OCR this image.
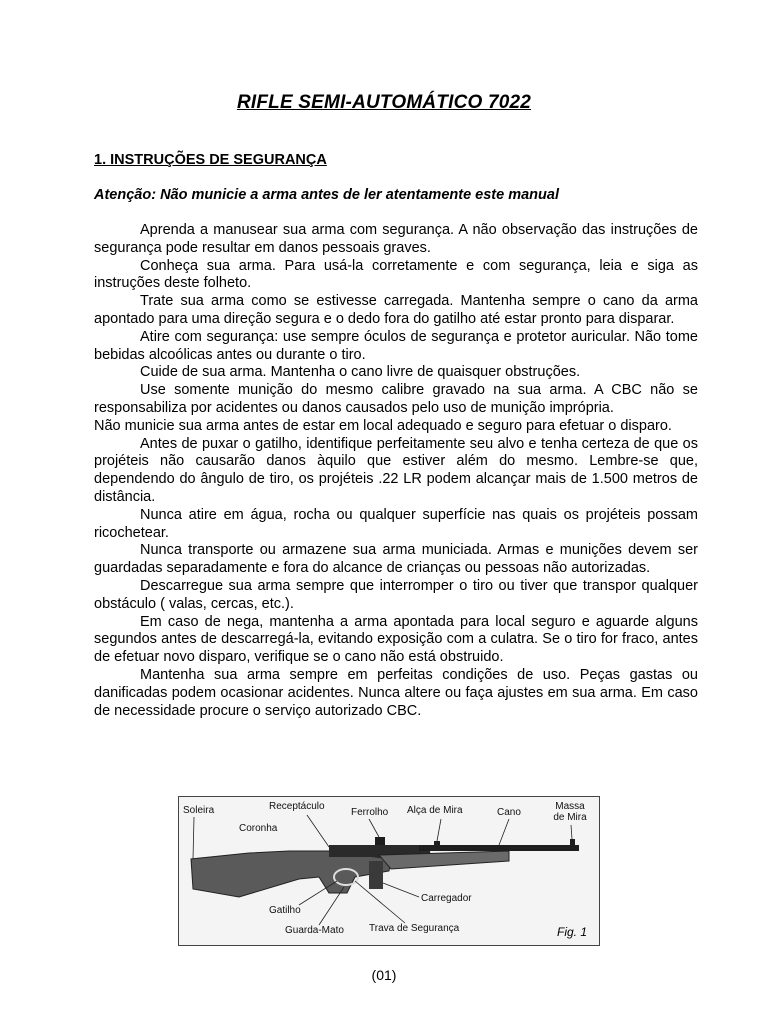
RIFLE SEMI-AUTOMÁTICO 7022
1. INSTRUÇÕES DE SEGURANÇA
Atenção: Não municie a arma antes de ler atentamente este manual

Aprenda a manusear sua arma com segurança. A não observação das instruções de segurança pode resultar em danos pessoais graves.

Conheça sua arma. Para usá-la corretamente e com segurança, leia e siga as instruções deste folheto.

Trate sua arma como se estivesse carregada. Mantenha sempre o cano da arma apontado para uma direção segura e o dedo fora do gatilho até estar pronto para disparar.

Atire com segurança: use sempre óculos de segurança e protetor auricular. Não tome bebidas alcoólicas antes ou durante o tiro.

Cuide de sua arma. Mantenha o cano livre de quaisquer obstruções.

Use somente munição do mesmo calibre gravado na sua arma. A CBC não se responsabiliza por acidentes ou danos causados pelo uso de munição imprópria.

Não municie sua arma antes de estar em local adequado e seguro para efetuar o disparo.

Antes de puxar o gatilho, identifique perfeitamente seu alvo e tenha certeza de que os projéteis não causarão danos àquilo que estiver além do mesmo. Lembre-se que, dependendo do ângulo de tiro, os projéteis .22 LR podem alcançar mais de 1.500 metros de distância.

Nunca atire em água, rocha ou qualquer superfície nas quais os projéteis possam ricochetear.

Nunca transporte ou armazene sua arma municiada. Armas e munições devem ser guardadas separadamente e fora do alcance de crianças ou pessoas não autorizadas.

Descarregue sua arma sempre que interromper o tiro ou tiver que transpor qualquer obstáculo ( valas, cercas, etc.).

Em caso de nega, mantenha a arma apontada para local seguro e aguarde alguns segundos antes de descarregá-la, evitando exposição com a culatra. Se o tiro for fraco, antes de efetuar novo disparo, verifique se o cano não está obstruido.

Mantenha sua arma sempre em perfeitas condições de uso. Peças gastas ou danificadas podem ocasionar acidentes. Nunca altere ou faça ajustes em sua arma. Em caso de necessidade procure o serviço autorizado CBC.

Soleira	Receptáculo
Ferrolho Alça de Mira	Cano
Massa de Mira
Coronha
Carregador
Gatilho
Guarda-Mato	Trava de Segurança	Fig. 1
(01)
